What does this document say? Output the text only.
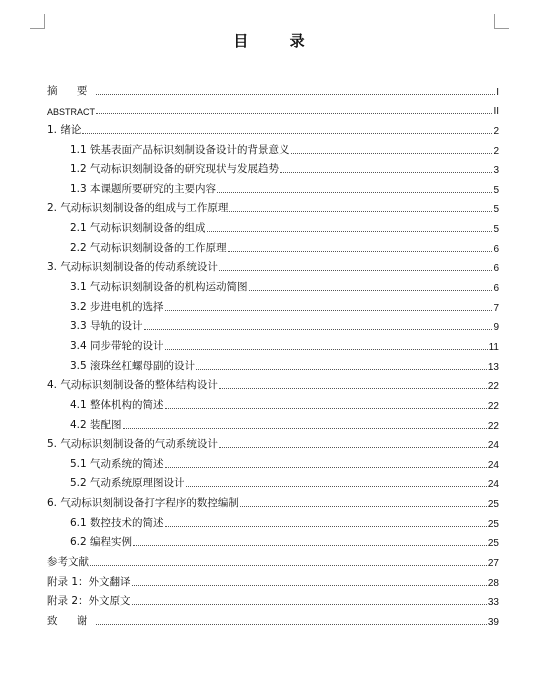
目 录
摘 要	I
ABSTRACT	II
1. 绪论	2
1.1 铁基表面产品标识刻制设备设计的背景意义	2
1.2 气动标识刻制设备的研究现状与发展趋势	3
1.3 本课题所要研究的主要内容	5
2. 气动标识刻制设备的组成与工作原理	5
2.1 气动标识刻制设备的组成	5
2.2 气动标识刻制设备的工作原理	6
3. 气动标识刻制设备的传动系统设计	6
3.1 气动标识刻制设备的机构运动简图	6
3.2 步进电机的选择	7
3.3 导轨的设计	9
3.4 同步带轮的设计	11
3.5 滚珠丝杠螺母副的设计	13
4. 气动标识刻制设备的整体结构设计	22
4.1 整体机构的简述	22
4.2 装配图	22
5. 气动标识刻制设备的气动系统设计	24
5.1 气动系统的简述	24
5.2 气动系统原理图设计	24
6. 气动标识刻制设备打字程序的数控编制	25
6.1 数控技术的简述	25
6.2 编程实例	25
参考文献	27
附录 1：外文翻译	28
附录 2：外文原文	33
致 谢	39
